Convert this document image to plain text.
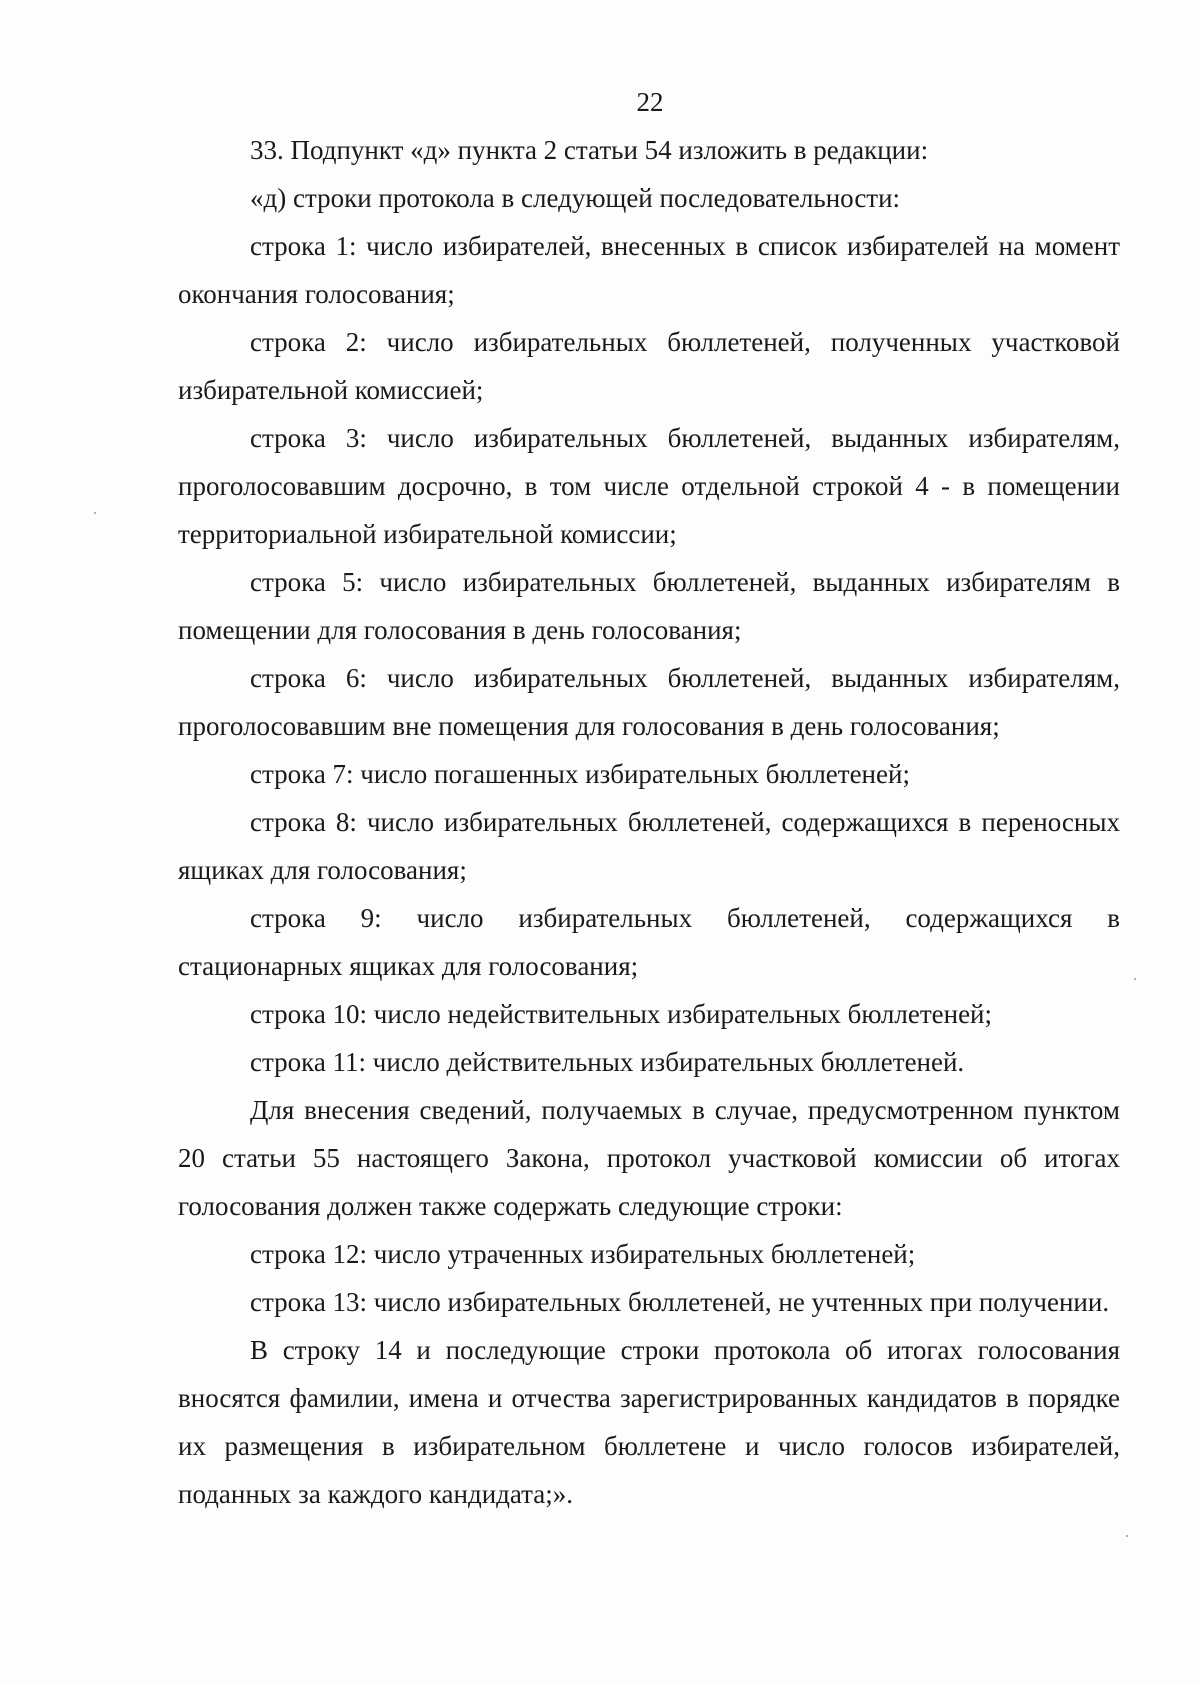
22

33. Подпункт «д» пункта 2 статьи 54 изложить в редакции:

«д) строки протокола в следующей последовательности:

строка 1: число избирателей, внесенных в список избирателей на момент окончания голосования;

строка 2: число избирательных бюллетеней, полученных участковой избирательной комиссией;

строка 3: число избирательных бюллетеней, выданных избирателям, проголосовавшим досрочно, в том числе отдельной строкой 4 - в помещении территориальной избирательной комиссии;

строка 5: число избирательных бюллетеней, выданных избирателям в помещении для голосования в день голосования;

строка 6: число избирательных бюллетеней, выданных избирателям, проголосовавшим вне помещения для голосования в день голосования;

строка 7: число погашенных избирательных бюллетеней;

строка 8: число избирательных бюллетеней, содержащихся в переносных ящиках для голосования;

строка 9: число избирательных бюллетеней, содержащихся в стационарных ящиках для голосования;

строка 10: число недействительных избирательных бюллетеней;

строка 11: число действительных избирательных бюллетеней.

Для внесения сведений, получаемых в случае, предусмотренном пунктом 20 статьи 55 настоящего Закона, протокол участковой комиссии об итогах голосования должен также содержать следующие строки:

строка 12: число утраченных избирательных бюллетеней;

строка 13: число избирательных бюллетеней, не учтенных при получении.

В строку 14 и последующие строки протокола об итогах голосования вносятся фамилии, имена и отчества зарегистрированных кандидатов в порядке их размещения в избирательном бюллетене и число голосов избирателей, поданных за каждого кандидата;».
